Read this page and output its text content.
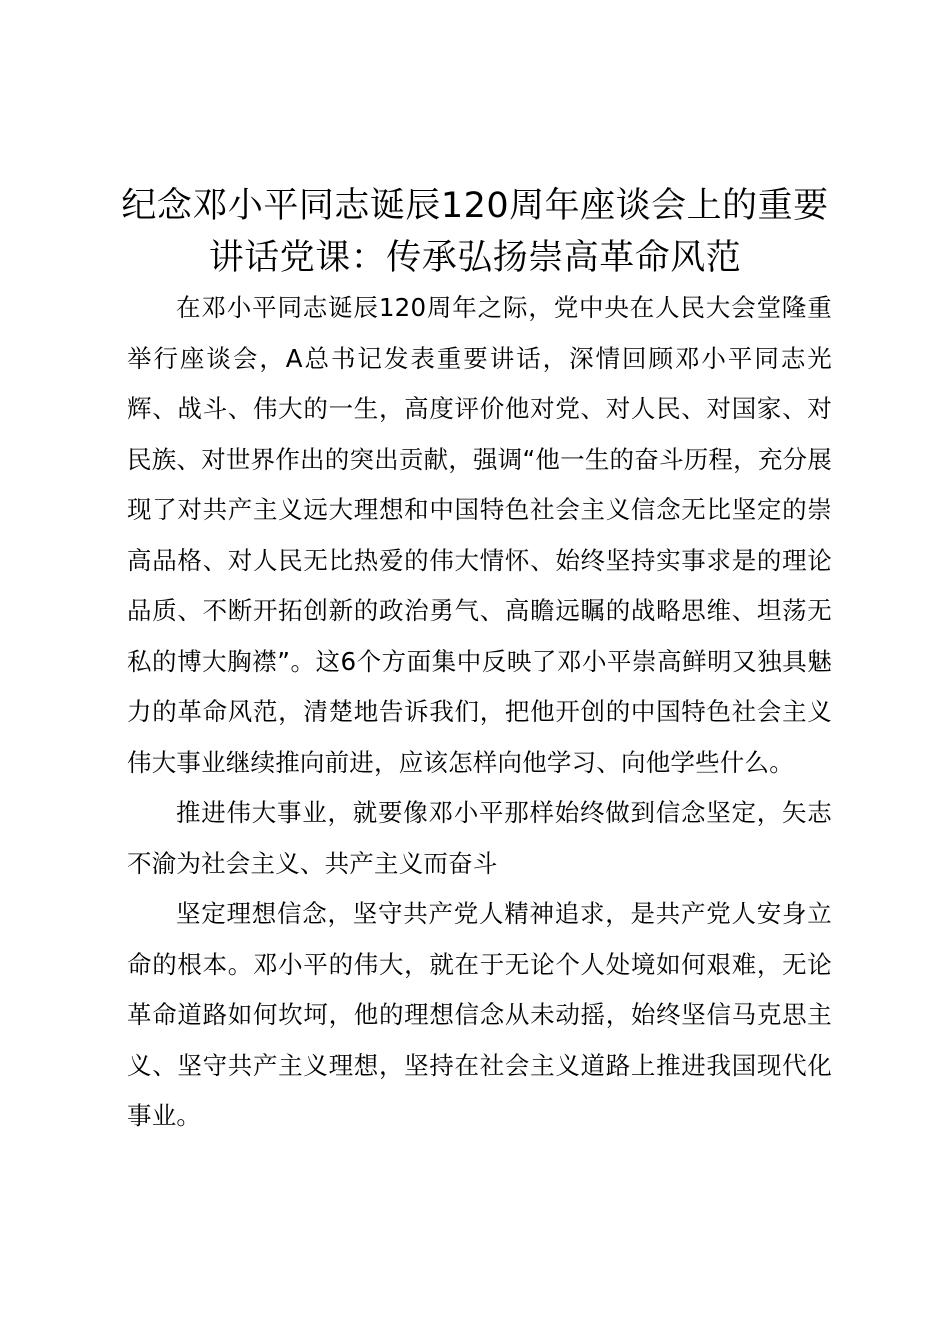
纪念邓小平同志诞辰120周年座谈会上的重要讲话党课：传承弘扬崇高革命风范

在邓小平同志诞辰120周年之际，党中央在人民大会堂隆重举行座谈会，A总书记发表重要讲话，深情回顾邓小平同志光辉、战斗、伟大的一生，高度评价他对党、对人民、对国家、对民族、对世界作出的突出贡献，强调“他一生的奋斗历程，充分展现了对共产主义远大理想和中国特色社会主义信念无比坚定的崇高品格、对人民无比热爱的伟大情怀、始终坚持实事求是的理论品质、不断开拓创新的政治勇气、高瞻远瞩的战略思维、坦荡无私的博大胸襟”。这6个方面集中反映了邓小平崇高鲜明又独具魅力的革命风范，清楚地告诉我们，把他开创的中国特色社会主义伟大事业继续推向前进，应该怎样向他学习、向他学些什么。

推进伟大事业，就要像邓小平那样始终做到信念坚定，矢志不渝为社会主义、共产主义而奋斗

坚定理想信念，坚守共产党人精神追求，是共产党人安身立命的根本。邓小平的伟大，就在于无论个人处境如何艰难，无论革命道路如何坎坷，他的理想信念从未动摇，始终坚信马克思主义、坚守共产主义理想，坚持在社会主义道路上推进我国现代化事业。
